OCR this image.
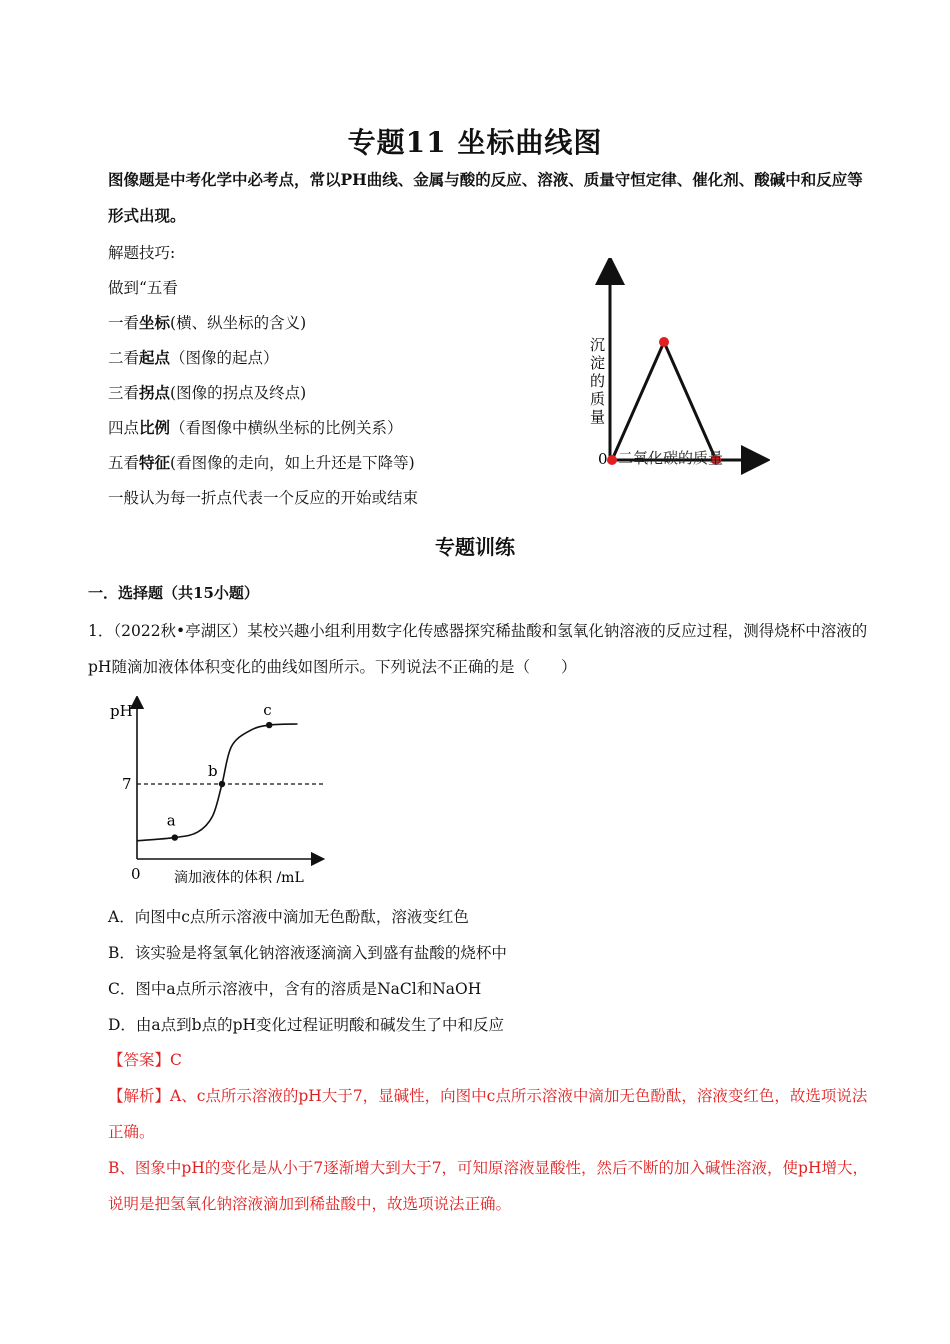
专题11 坐标曲线图
图像题是中考化学中必考点，常以PH曲线、金属与酸的反应、溶液、质量守恒定律、催化剂、酸碱中和反应等形式出现。
解题技巧:
做到“五看
一看坐标(横、纵坐标的含义)
二看起点（图像的起点）
三看拐点(图像的拐点及终点)
四点比例（看图像中横纵坐标的比例关系）
五看特征(看图像的走向，如上升还是下降等)
一般认为每一折点代表一个反应的开始或结束
0 二氧化碳的质量
沉
淀
的
质
量
专题训练
一．选择题（共15小题）
1．（2022秋•亭湖区）某校兴趣小组利用数字化传感器探究稀盐酸和氢氧化钠溶液的反应过程，测得烧杯中溶液的pH随滴加液体体积变化的曲线如图所示。下列说法不正确的是（　　）
pH
7
a
b
c
0 滴加液体的体积 /mL
A．向图中c点所示溶液中滴加无色酚酞，溶液变红色
B．该实验是将氢氧化钠溶液逐滴滴入到盛有盐酸的烧杯中
C．图中a点所示溶液中，含有的溶质是NaCl和NaOH
D．由a点到b点的pH变化过程证明酸和碱发生了中和反应
【答案】C
【解析】A、c点所示溶液的pH大于7，显碱性，向图中c点所示溶液中滴加无色酚酞，溶液变红色，故选项说法正确。
B、图象中pH的变化是从小于7逐渐增大到大于7，可知原溶液显酸性，然后不断的加入碱性溶液，使pH增大，说明是把氢氧化钠溶液滴加到稀盐酸中，故选项说法正确。
